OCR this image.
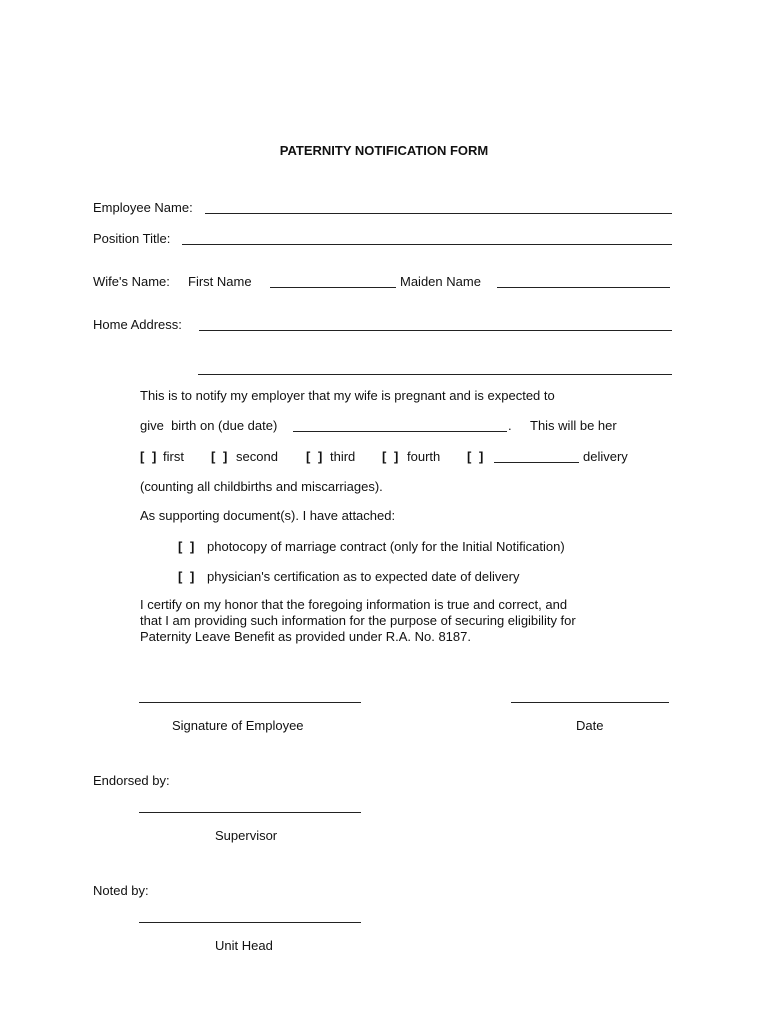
PATERNITY NOTIFICATION FORM
Employee Name:
Position Title:
Wife's Name: First Name	Maiden Name
Home Address:
This is to notify my employer that my wife is pregnant and is expected to
give  birth on (due date)	. This will be her
[ ] first [ ] second [ ] third [ ] fourth [ ]	delivery
(counting all childbirths and miscarriages).
As supporting document(s). I have attached:
[ ] photocopy of marriage contract (only for the Initial Notification)
[ ] physician's certification as to expected date of delivery
I certify on my honor that the foregoing information is true and correct, and
that I am providing such information for the purpose of securing eligibility for
Paternity Leave Benefit as provided under R.A. No. 8187.
Signature of Employee	Date
Endorsed by:
Supervisor
Noted by:
Unit Head
